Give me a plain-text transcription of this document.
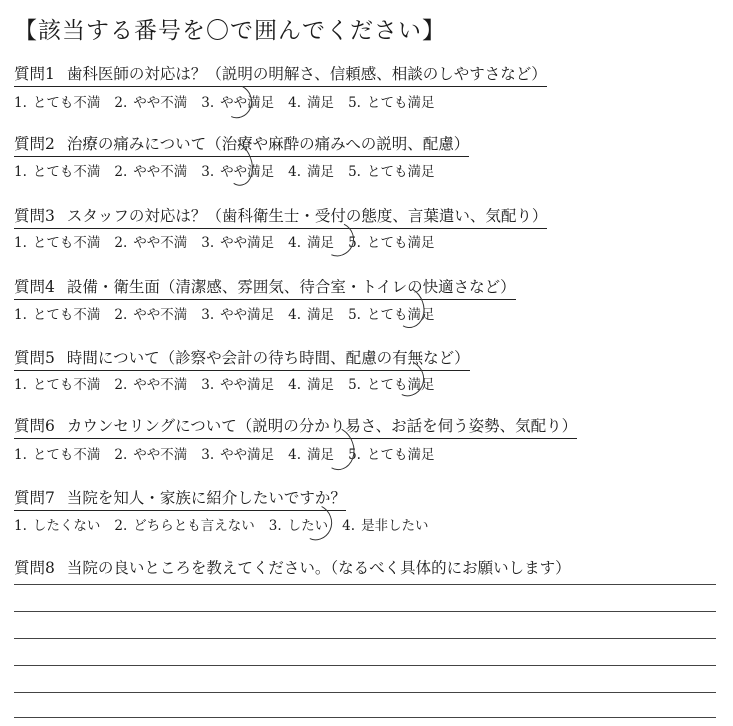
【該当する番号を〇で囲んでください】
質問1 歯科医師の対応は？（説明の明解さ、信頼感、相談のしやすさなど）
1. とても不満 2. やや不満 3. やや満足 4. 満足 5. とても満足
質問2 治療の痛みについて（治療や麻酔の痛みへの説明、配慮）
1. とても不満 2. やや不満 3. やや満足 4. 満足 5. とても満足
質問3 スタッフの対応は？（歯科衛生士・受付の態度、言葉遣い、気配り）
1. とても不満 2. やや不満 3. やや満足 4. 満足 5. とても満足
質問4 設備・衛生面（清潔感、雰囲気、待合室・トイレの快適さなど）
1. とても不満 2. やや不満 3. やや満足 4. 満足 5. とても満足
質問5 時間について（診察や会計の待ち時間、配慮の有無など）
1. とても不満 2. やや不満 3. やや満足 4. 満足 5. とても満足
質問6 カウンセリングについて（説明の分かり易さ、お話を伺う姿勢、気配り）
1. とても不満 2. やや不満 3. やや満足 4. 満足 5. とても満足
質問7 当院を知人・家族に紹介したいですか？
1. したくない 2. どちらとも言えない 3. したい 4. 是非したい
質問8 当院の良いところを教えてください。（なるべく具体的にお願いします）
